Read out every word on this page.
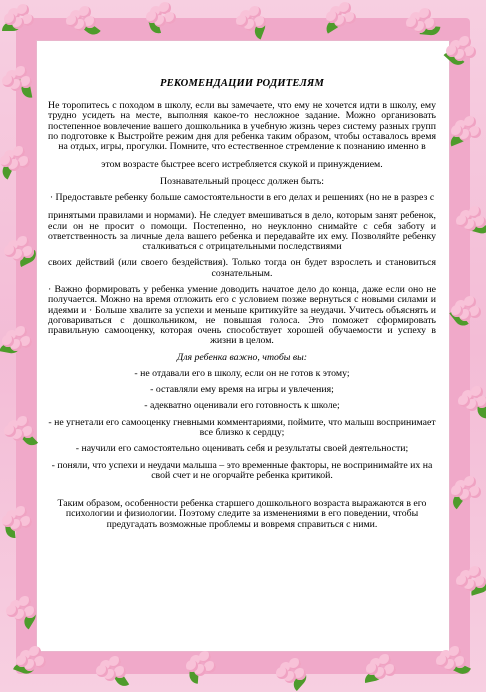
РЕКОМЕНДАЦИИ РОДИТЕЛЯМ
Не торопитесь с походом в школу, если вы замечаете, что ему не хочется идти в школу, ему трудно усидеть на месте, выполняя какое-то несложное задание. Можно организовать постепенное вовлечение вашего дошкольника в учебную жизнь через систему разных групп по подготовке к Выстройте режим дня для ребенка таким образом, чтобы оставалось время на отдых, игры, прогулки. Помните, что естественное стремление к познанию именно в
этом возрасте быстрее всего истребляется скукой и принуждением.
Познавательный процесс должен быть:
· Предоставьте ребенку больше самостоятельности в его делах и решениях (но не в разрез с
принятыми правилами и нормами). Не следует вмешиваться в дело, которым занят ребенок, если он не просит о помощи. Постепенно, но неуклонно снимайте с себя заботу и ответственность за личные дела вашего ребенка и передавайте их ему. Позволяйте ребенку сталкиваться с отрицательными последствиями
своих действий (или своего бездействия). Только тогда он будет взрослеть и становиться сознательным.
· Важно формировать у ребенка умение доводить начатое дело до конца, даже если оно не получается. Можно на время отложить его с условием позже вернуться с новыми силами и идеями и · Больше хвалите за успехи и меньше критикуйте за неудачи. Учитесь объяснять и договариваться с дошкольником, не повышая голоса. Это поможет сформировать правильную самооценку, которая очень способствует хорошей обучаемости и успеху в жизни в целом.
Для ребенка важно, чтобы вы:
- не отдавали его в школу, если он не готов к этому;
- оставляли ему время на игры и увлечения;
- адекватно оценивали его готовность к школе;
- не угнетали его самооценку гневными комментариями, поймите, что малыш воспринимает все близко к сердцу;
- научили его самостоятельно оценивать себя и результаты своей деятельности;
- поняли, что успехи и неудачи малыша – это временные факторы, не воспринимайте их на свой счет и не огорчайте ребенка критикой.
Таким образом, особенности ребенка старшего дошкольного возраста выражаются в его психологии и физиологии. Поэтому следите за изменениями в его поведении, чтобы предугадать возможные проблемы и вовремя справиться с ними.
